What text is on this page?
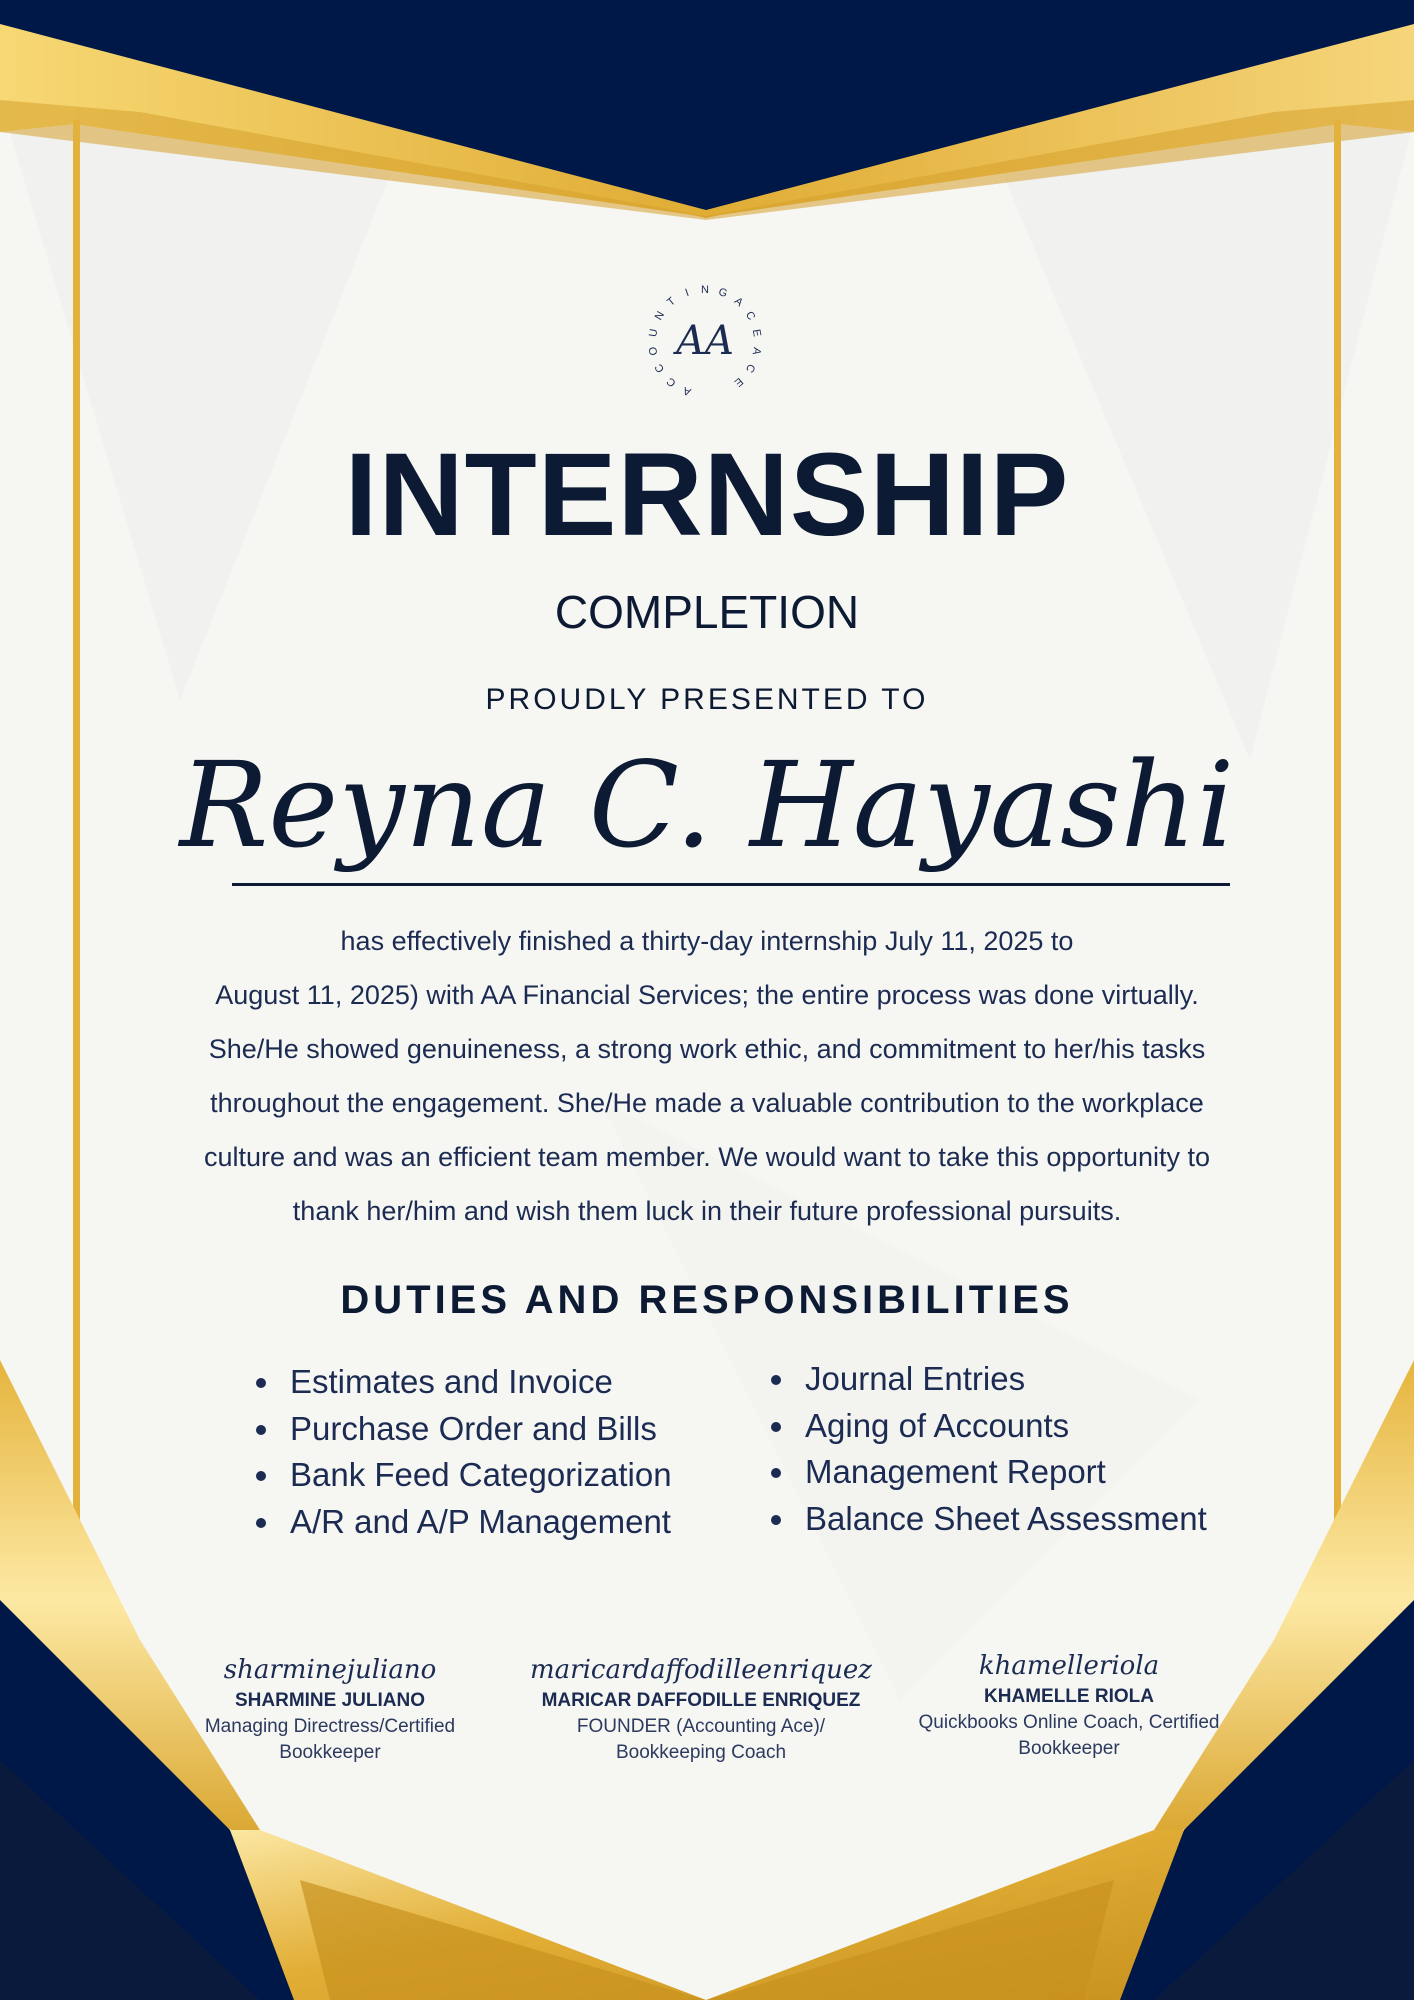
AA
A
C
C
O
U
N
T
I N G
A
C
E
A
C
E
INTERNSHIP
COMPLETION
PROUDLY PRESENTED TO
Reyna C. Hayashi
has effectively finished a thirty-day internship July 11, 2025 to
August 11, 2025) with AA Financial Services; the entire process was done virtually.
She/He showed genuineness, a strong work ethic, and commitment to her/his tasks
throughout the engagement. She/He made a valuable contribution to the workplace
culture and was an efficient team member. We would want to take this opportunity to
thank her/him and wish them luck in their future professional pursuits.
DUTIES AND RESPONSIBILITIES
Estimates and Invoice
Purchase Order and Bills
Bank Feed Categorization
A/R and A/P Management
Journal Entries
Aging of Accounts
Management Report
Balance Sheet Assessment
sharminejuliano
SHARMINE JULIANO
Managing Directress/Certified
Bookkeeper
maricardaffodilleenriquez
MARICAR DAFFODILLE ENRIQUEZ
FOUNDER (Accounting Ace)/
Bookkeeping Coach
khamelleriola
KHAMELLE RIOLA
Quickbooks Online Coach, Certified
Bookkeeper
